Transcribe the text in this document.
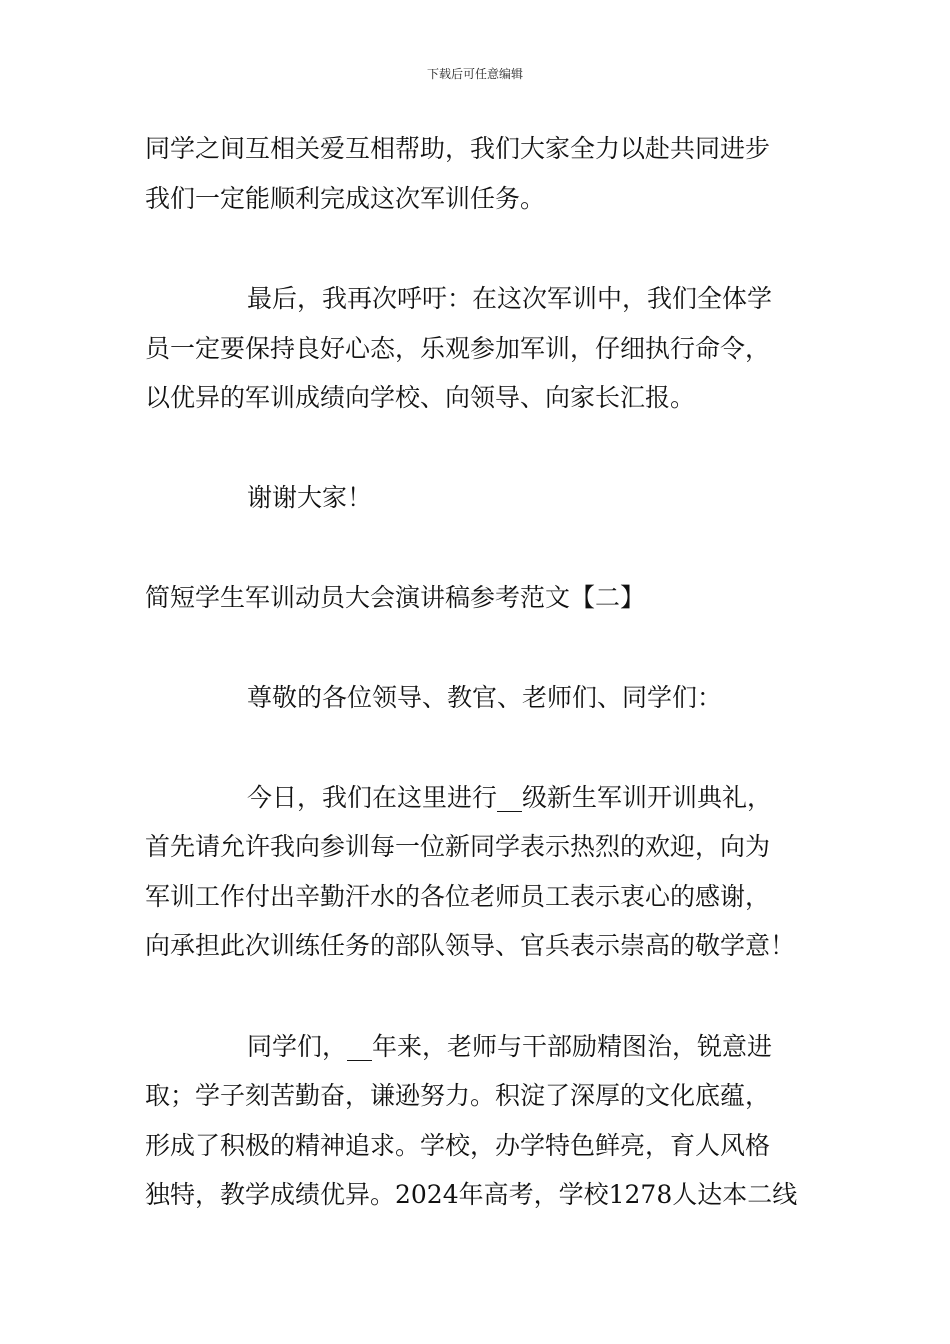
下载后可任意编辑
同学之间互相关爱互相帮助，我们大家全力以赴共同进步
我们一定能顺利完成这次军训任务。
最后，我再次呼吁：在这次军训中，我们全体学
员一定要保持良好心态，乐观参加军训，仔细执行命令，
以优异的军训成绩向学校、向领导、向家长汇报。
谢谢大家！
简短学生军训动员大会演讲稿参考范文【二】
尊敬的各位领导、教官、老师们、同学们：
今日，我们在这里进行__级新生军训开训典礼，
首先请允许我向参训每一位新同学表示热烈的欢迎，向为
军训工作付出辛勤汗水的各位老师员工表示衷心的感谢，
向承担此次训练任务的部队领导、官兵表示崇高的敬学意！
同学们，__年来，老师与干部励精图治，锐意进
取；学子刻苦勤奋，谦逊努力。积淀了深厚的文化底蕴，
形成了积极的精神追求。学校，办学特色鲜亮，育人风格
独特，教学成绩优异。2024年高考，学校1278人达本二线
